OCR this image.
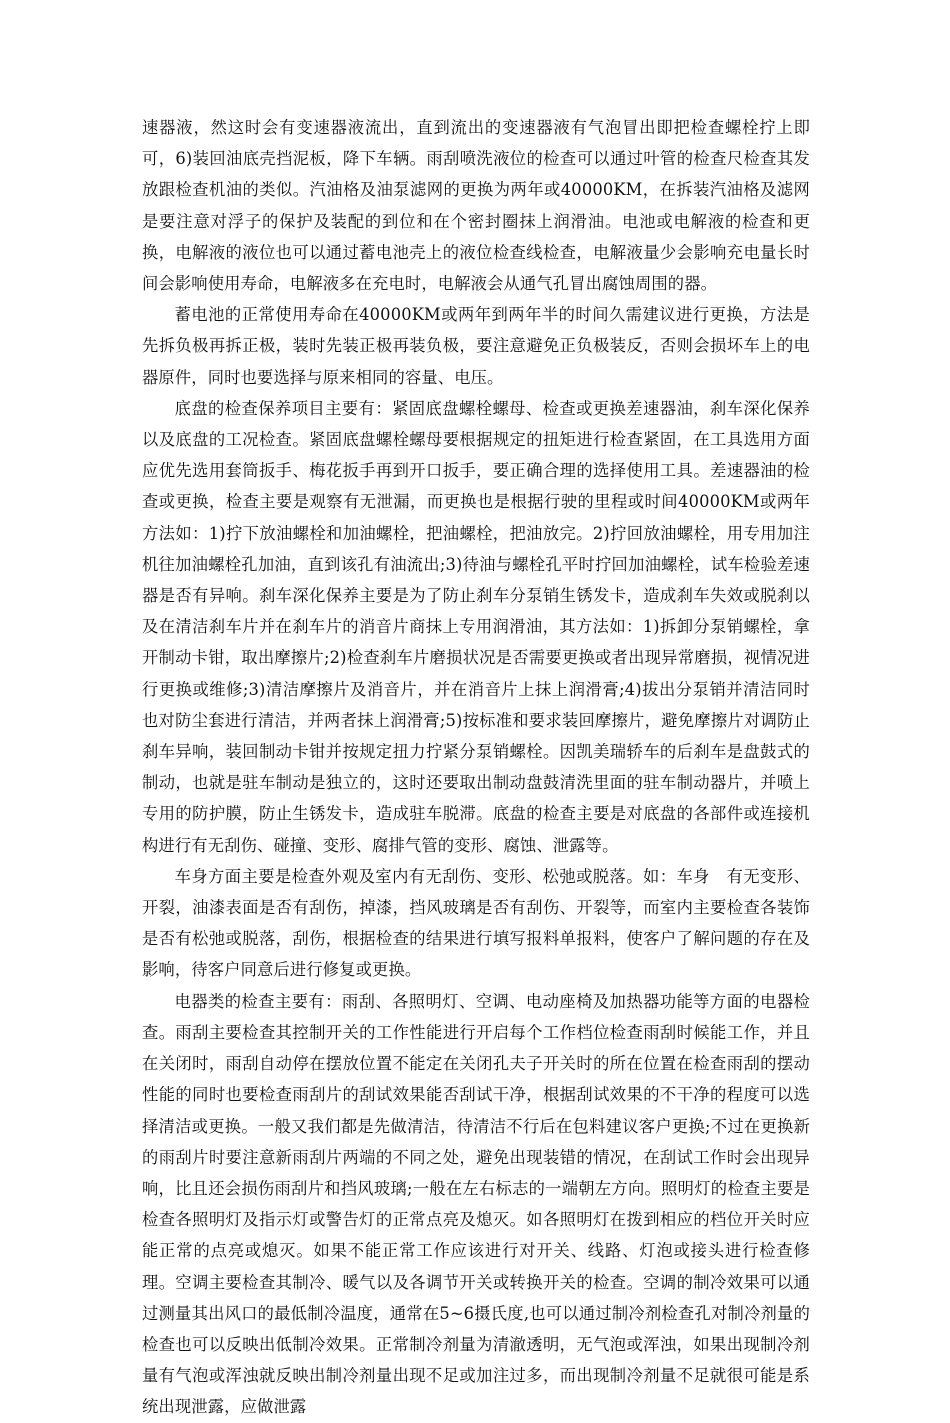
速器液，然这时会有变速器液流出，直到流出的变速器液有气泡冒出即把检查螺栓拧上即可，6)装回油底壳挡泥板，降下车辆。雨刮喷洗液位的检查可以通过叶管的检查尺检查其发放跟检查机油的类似。汽油格及油泵滤网的更换为两年或40000KM，在拆装汽油格及滤网是要注意对浮子的保护及装配的到位和在个密封圈抹上润滑油。电池或电解液的检查和更换，电解液的液位也可以通过蓄电池壳上的液位检查线检查，电解液量少会影响充电量长时间会影响使用寿命，电解液多在充电时，电解液会从通气孔冒出腐蚀周围的器。

蓄电池的正常使用寿命在40000KM或两年到两年半的时间久需建议进行更换，方法是先拆负极再拆正极，装时先装正极再装负极，要注意避免正负极装反，否则会损坏车上的电器原件，同时也要选择与原来相同的容量、电压。

底盘的检查保养项目主要有：紧固底盘螺栓螺母、检查或更换差速器油，刹车深化保养以及底盘的工况检查。紧固底盘螺栓螺母要根据规定的扭矩进行检查紧固，在工具选用方面应优先选用套筒扳手、梅花扳手再到开口扳手，要正确合理的选择使用工具。差速器油的检查或更换，检查主要是观察有无泄漏，而更换也是根据行驶的里程或时间40000KM或两年方法如：1)拧下放油螺栓和加油螺栓，把油螺栓，把油放完。2)拧回放油螺栓，用专用加注机往加油螺栓孔加油，直到该孔有油流出;3)待油与螺栓孔平时拧回加油螺栓，试车检验差速器是否有异响。刹车深化保养主要是为了防止刹车分泵销生锈发卡，造成刹车失效或脱刹以及在清洁刹车片并在刹车片的消音片商抹上专用润滑油，其方法如：1)拆卸分泵销螺栓，拿开制动卡钳，取出摩擦片;2)检查刹车片磨损状况是否需要更换或者出现异常磨损，视情况进行更换或维修;3)清洁摩擦片及消音片，并在消音片上抹上润滑膏;4)拔出分泵销并清洁同时也对防尘套进行清洁，并两者抹上润滑膏;5)按标准和要求装回摩擦片，避免摩擦片对调防止刹车异响，装回制动卡钳并按规定扭力拧紧分泵销螺栓。因凯美瑞轿车的后刹车是盘鼓式的制动，也就是驻车制动是独立的，这时还要取出制动盘鼓清洗里面的驻车制动器片，并喷上专用的防护膜，防止生锈发卡，造成驻车脱滞。底盘的检查主要是对底盘的各部件或连接机构进行有无刮伤、碰撞、变形、腐排气管的变形、腐蚀、泄露等。

车身方面主要是检查外观及室内有无刮伤、变形、松弛或脱落。如：车身　有无变形、开裂，油漆表面是否有刮伤，掉漆，挡风玻璃是否有刮伤、开裂等，而室内主要检查各装饰是否有松弛或脱落，刮伤，根据检查的结果进行填写报料单报料，使客户了解问题的存在及影响，待客户同意后进行修复或更换。

电器类的检查主要有：雨刮、各照明灯、空调、电动座椅及加热器功能等方面的电器检查。雨刮主要检查其控制开关的工作性能进行开启每个工作档位检查雨刮时候能工作，并且在关闭时，雨刮自动停在摆放位置不能定在关闭孔夫子开关时的所在位置在检查雨刮的摆动性能的同时也要检查雨刮片的刮试效果能否刮试干净，根据刮试效果的不干净的程度可以选择清洁或更换。一般又我们都是先做清洁，待清洁不行后在包料建议客户更换;不过在更换新的雨刮片时要注意新雨刮片两端的不同之处，避免出现装错的情况，在刮试工作时会出现异响，比且还会损伤雨刮片和挡风玻璃;一般在左右标志的一端朝左方向。照明灯的检查主要是检查各照明灯及指示灯或警告灯的正常点亮及熄灭。如各照明灯在拨到相应的档位开关时应能正常的点亮或熄灭。如果不能正常工作应该进行对开关、线路、灯泡或接头进行检查修理。空调主要检查其制冷、暖气以及各调节开关或转换开关的检查。空调的制冷效果可以通过测量其出风口的最低制冷温度，通常在5~6摄氏度,也可以通过制冷剂检查孔对制冷剂量的检查也可以反映出低制冷效果。正常制冷剂量为清澈透明，无气泡或浑浊，如果出现制冷剂量有气泡或浑浊就反映出制冷剂量出现不足或加注过多，而出现制冷剂量不足就很可能是系统出现泄露，应做泄露
